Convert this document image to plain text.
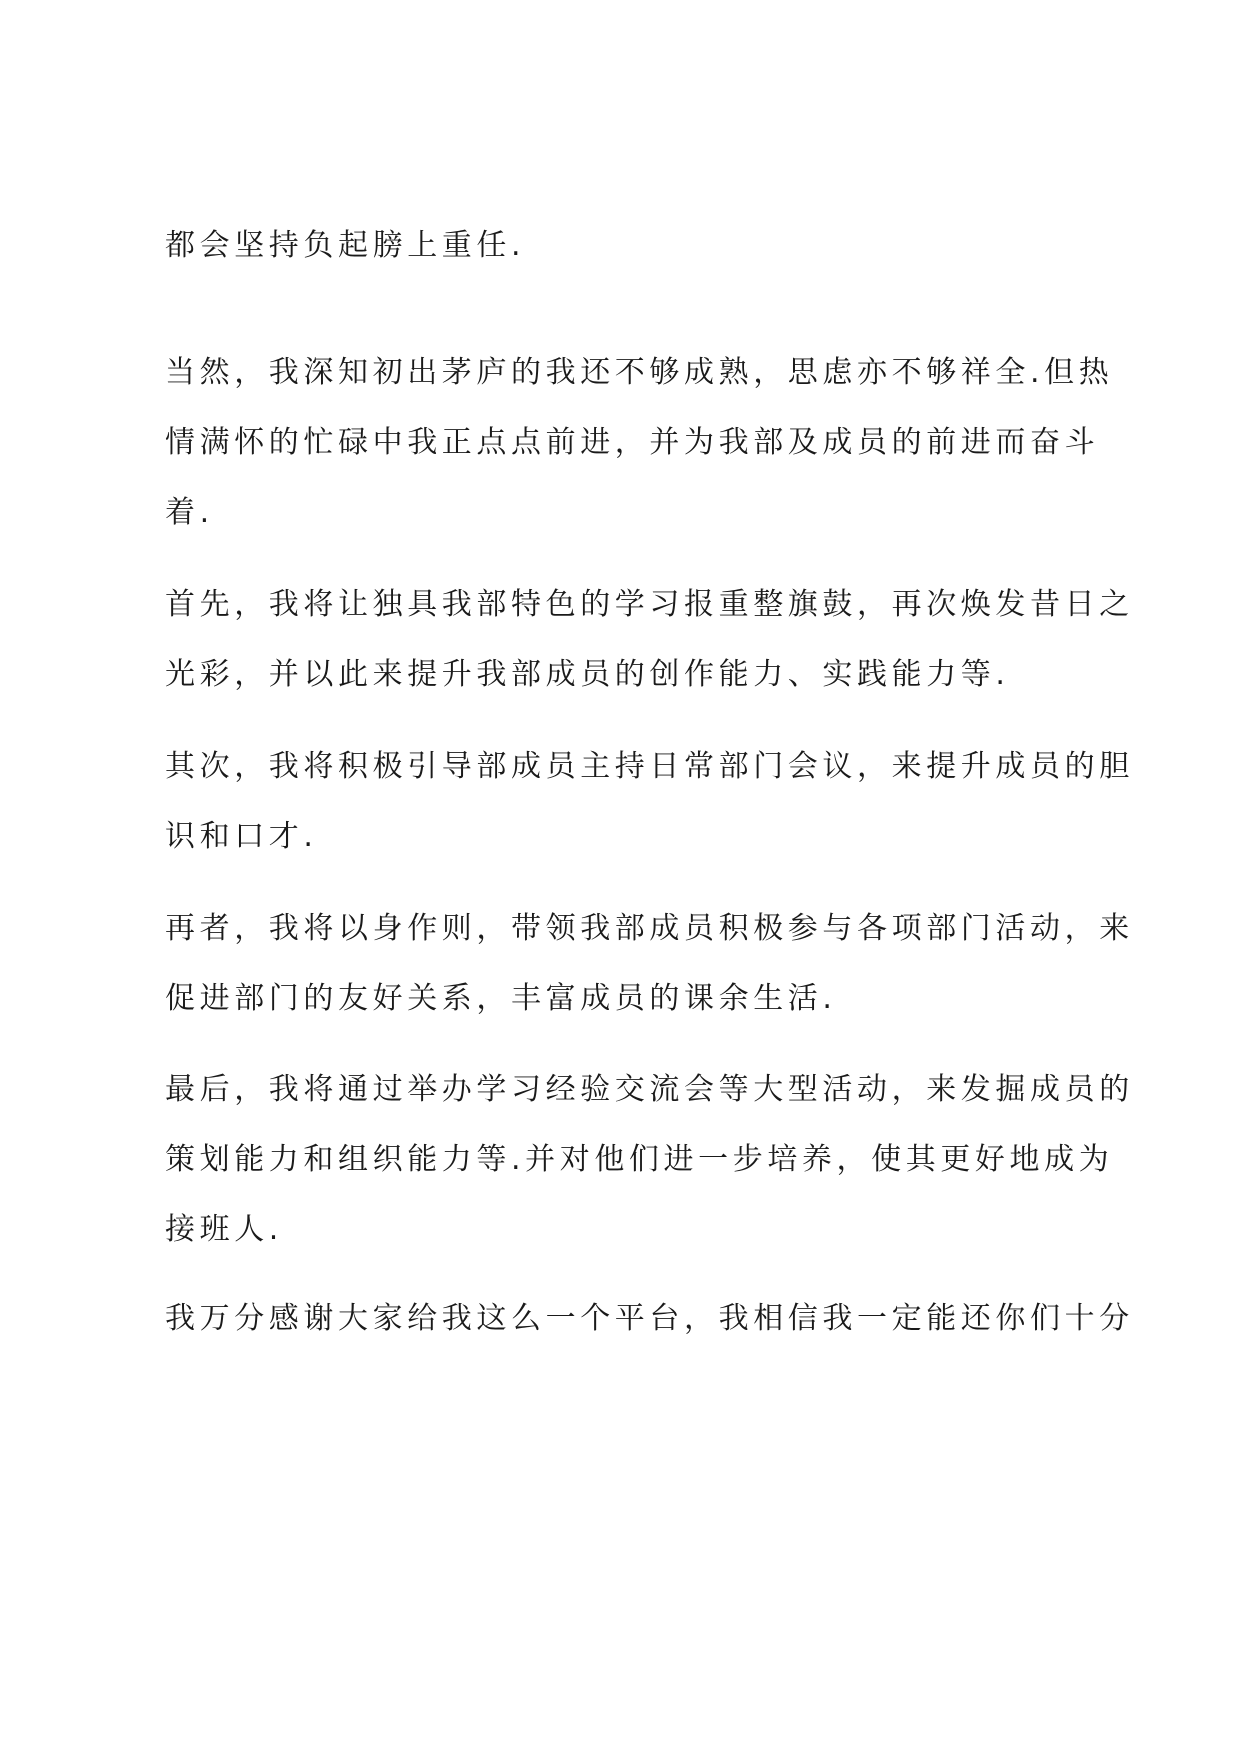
都会坚持负起膀上重任.
当然，我深知初出茅庐的我还不够成熟，思虑亦不够祥全.但热
情满怀的忙碌中我正点点前进，并为我部及成员的前进而奋斗
着.
首先，我将让独具我部特色的学习报重整旗鼓，再次焕发昔日之
光彩，并以此来提升我部成员的创作能力、实践能力等.
其次，我将积极引导部成员主持日常部门会议，来提升成员的胆
识和口才.
再者，我将以身作则，带领我部成员积极参与各项部门活动，来
促进部门的友好关系，丰富成员的课余生活.
最后，我将通过举办学习经验交流会等大型活动，来发掘成员的
策划能力和组织能力等.并对他们进一步培养，使其更好地成为
接班人.
我万分感谢大家给我这么一个平台，我相信我一定能还你们十分
